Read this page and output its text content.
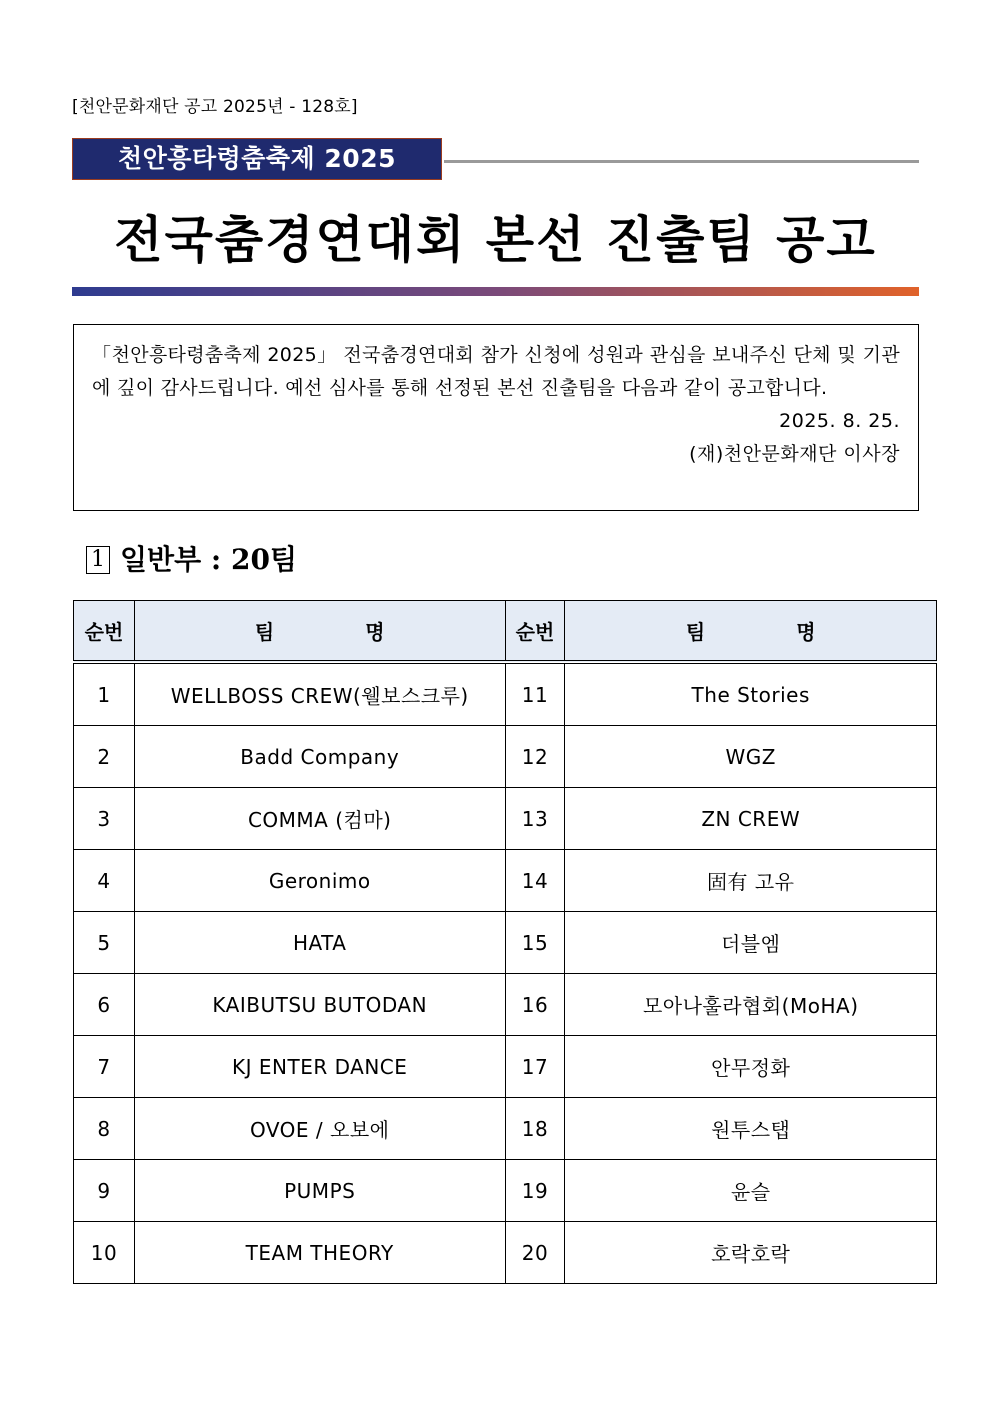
[천안문화재단 공고 2025년 - 128호]
천안흥타령춤축제 2025
전국춤경연대회 본선 진출팀 공고

「천안흥타령춤축제 2025」 전국춤경연대회 참가 신청에 성원과 관심을 보내주신 단체 및 기관에 깊이 감사드립니다. 예선 심사를 통해 선정된 본선 진출팀을 다음과 같이 공고합니다.

2025. 8. 25.
(재)천안문화재단 이사장
1 일반부 : 20팀
순번	팀 명	순번	팀 명
1	WELLBOSS CREW(웰보스크루)	11	The Stories
2	Badd Company	12	WGZ
3	COMMA (컴마)	13	ZN CREW
4	Geronimo	14	固有 고유
5	HATA	15	더블엠
6	KAIBUTSU BUTODAN	16	모아나훌라협회(MoHA)
7	KJ ENTER DANCE	17	안무정화
8	OVOE / 오보에	18	원투스탭
9	PUMPS	19	윤슬
10	TEAM THEORY	20	호락호락
